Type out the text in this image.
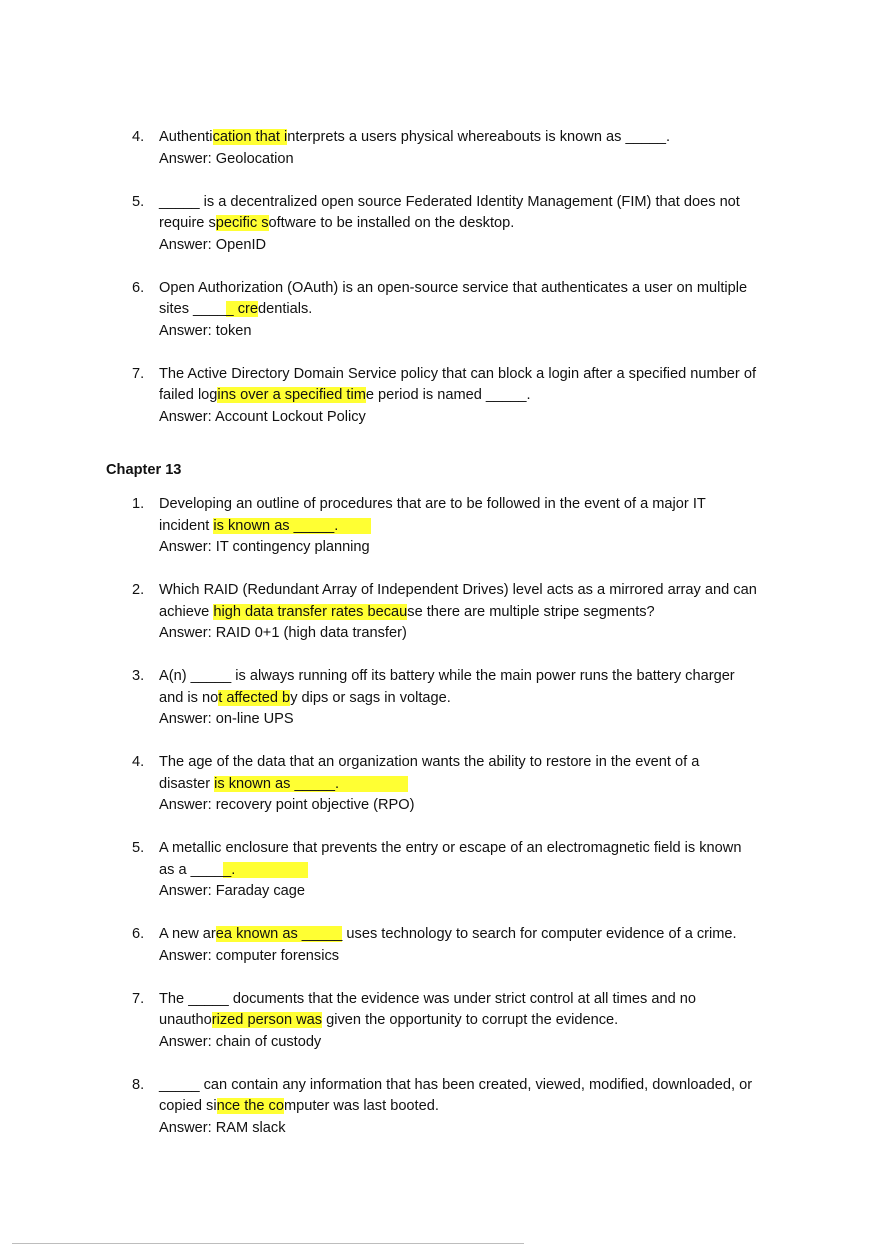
4. Authentication that interprets a users physical whereabouts is known as _____.
Answer: Geolocation
5. _____ is a decentralized open source Federated Identity Management (FIM) that does not
require specific software to be installed on the desktop.
Answer: OpenID
6. Open Authorization (OAuth) is an open-source service that authenticates a user on multiple
sites _____ credentials.
Answer: token
7. The Active Directory Domain Service policy that can block a login after a specified number of
failed logins over a specified time period is named _____.
Answer: Account Lockout Policy
Chapter 13
1. Developing an outline of procedures that are to be followed in the event of a major IT
incident is known as _____.
Answer: IT contingency planning
2. Which RAID (Redundant Array of Independent Drives) level acts as a mirrored array and can
achieve high data transfer rates because there are multiple stripe segments?
Answer: RAID 0+1 (high data transfer)
3. A(n) _____ is always running off its battery while the main power runs the battery charger
and is not affected by dips or sags in voltage.
Answer: on-line UPS
4. The age of the data that an organization wants the ability to restore in the event of a
disaster is known as _____.
Answer: recovery point objective (RPO)
5. A metallic enclosure that prevents the entry or escape of an electromagnetic field is known
as a _____.
Answer: Faraday cage
6. A new area known as _____ uses technology to search for computer evidence of a crime.
Answer: computer forensics
7. The _____ documents that the evidence was under strict control at all times and no
unauthorized person was given the opportunity to corrupt the evidence.
Answer: chain of custody
8. _____ can contain any information that has been created, viewed, modified, downloaded, or
copied since the computer was last booted.
Answer: RAM slack
